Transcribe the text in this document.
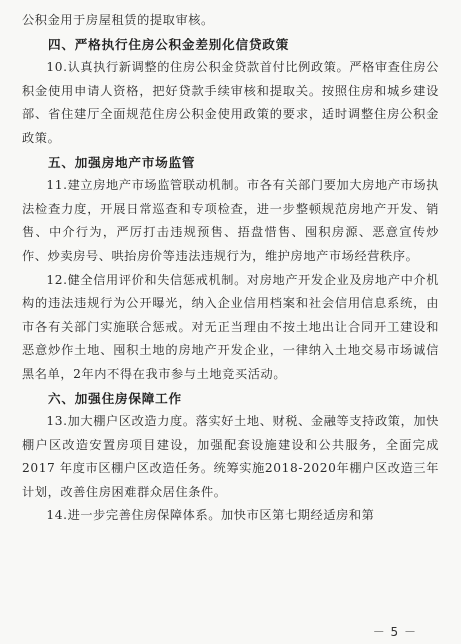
公积金用于房屋租赁的提取审核。

四、严格执行住房公积金差别化信贷政策

10.认真执行新调整的住房公积金贷款首付比例政策。严格审查住房公积金使用申请人资格，把好贷款手续审核和提取关。按照住房和城乡建设部、省住建厅全面规范住房公积金使用政策的要求，适时调整住房公积金政策。

五、加强房地产市场监管

11.建立房地产市场监管联动机制。市各有关部门要加大房地产市场执法检查力度，开展日常巡查和专项检查，进一步整顿规范房地产开发、销售、中介行为，严厉打击违规预售、捂盘惜售、囤积房源、恶意宣传炒作、炒卖房号、哄抬房价等违法违规行为，维护房地产市场经营秩序。

12.健全信用评价和失信惩戒机制。对房地产开发企业及房地产中介机构的违法违规行为公开曝光，纳入企业信用档案和社会信用信息系统，由市各有关部门实施联合惩戒。对无正当理由不按土地出让合同开工建设和恶意炒作土地、囤积土地的房地产开发企业，一律纳入土地交易市场诚信黑名单，2年内不得在我市参与土地竞买活动。

六、加强住房保障工作

13.加大棚户区改造力度。落实好土地、财税、金融等支持政策，加快棚户区改造安置房项目建设，加强配套设施建设和公共服务，全面完成 2017 年度市区棚户区改造任务。统筹实施2018-2020年棚户区改造三年计划，改善住房困难群众居住条件。

14.进一步完善住房保障体系。加快市区第七期经适房和第

－ 5 －
